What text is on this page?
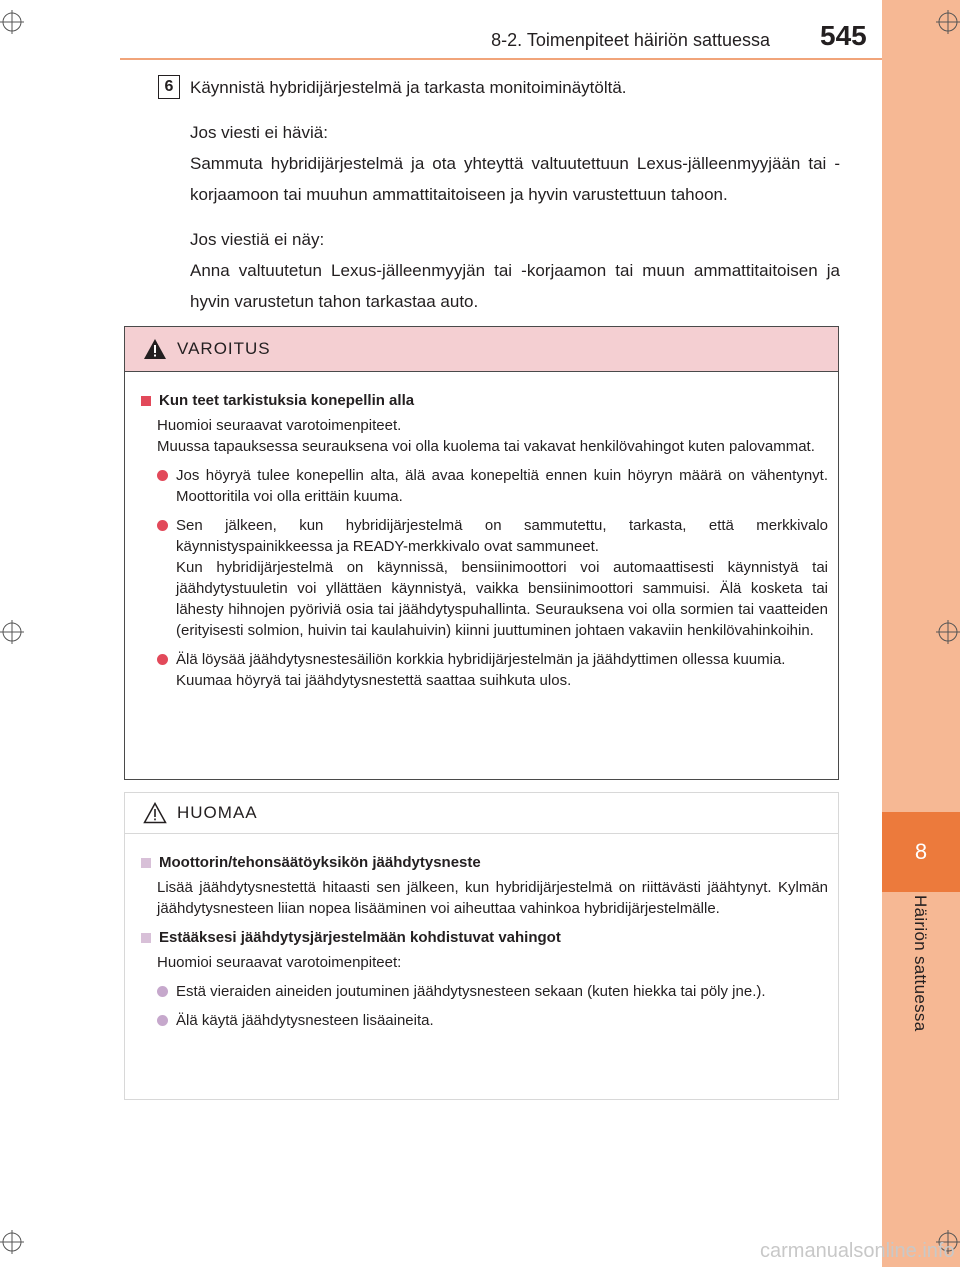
8
Häiriön sattuessa
8-2. Toimenpiteet häiriön sattuessa 545
6 Käynnistä hybridijärjestelmä ja tarkasta monitoiminäytöltä.

Jos viesti ei häviä:

Sammuta hybridijärjestelmä ja ota yhteyttä valtuutettuun Lexus-jälleenmyyjään tai -korjaamoon tai muuhun ammattitaitoiseen ja hyvin varustettuun tahoon.

Jos viestiä ei näy:

Anna valtuutetun Lexus-jälleenmyyjän tai -korjaamon tai muun ammattitaitoisen ja hyvin varustetun tahon tarkastaa auto.

VAROITUS
Kun teet tarkistuksia konepellin alla
Huomioi seuraavat varotoimenpiteet.
Muussa tapauksessa seurauksena voi olla kuolema tai vakavat henkilövahingot kuten palovammat.
Jos höyryä tulee konepellin alta, älä avaa konepeltiä ennen kuin höyryn määrä on vähentynyt. Moottoritila voi olla erittäin kuuma.
Sen jälkeen, kun hybridijärjestelmä on sammutettu, tarkasta, että merkkivalo käynnistyspainikkeessa ja READY-merkkivalo ovat sammuneet.
Kun hybridijärjestelmä on käynnissä, bensiinimoottori voi automaattisesti käynnistyä tai jäähdytystuuletin voi yllättäen käynnistyä, vaikka bensiinimoottori sammuisi. Älä kosketa tai lähesty hihnojen pyöriviä osia tai jäähdytyspuhallinta. Seurauksena voi olla sormien tai vaatteiden (erityisesti solmion, huivin tai kaulahuivin) kiinni juuttuminen johtaen vakaviin henkilövahinkoihin.
Älä löysää jäähdytysnestesäiliön korkkia hybridijärjestelmän ja jäähdyttimen ollessa kuumia.
Kuumaa höyryä tai jäähdytysnestettä saattaa suihkuta ulos.
HUOMAA
Moottorin/tehonsäätöyksikön jäähdytysneste
Lisää jäähdytysnestettä hitaasti sen jälkeen, kun hybridijärjestelmä on riittävästi jäähtynyt. Kylmän jäähdytysnesteen liian nopea lisääminen voi aiheuttaa vahinkoa hybridijärjestelmälle.
Estääksesi jäähdytysjärjestelmään kohdistuvat vahingot
Huomioi seuraavat varotoimenpiteet:
Estä vieraiden aineiden joutuminen jäähdytysnesteen sekaan (kuten hiekka tai pöly jne.).
Älä käytä jäähdytysnesteen lisäaineita.
carmanualsonline.info
